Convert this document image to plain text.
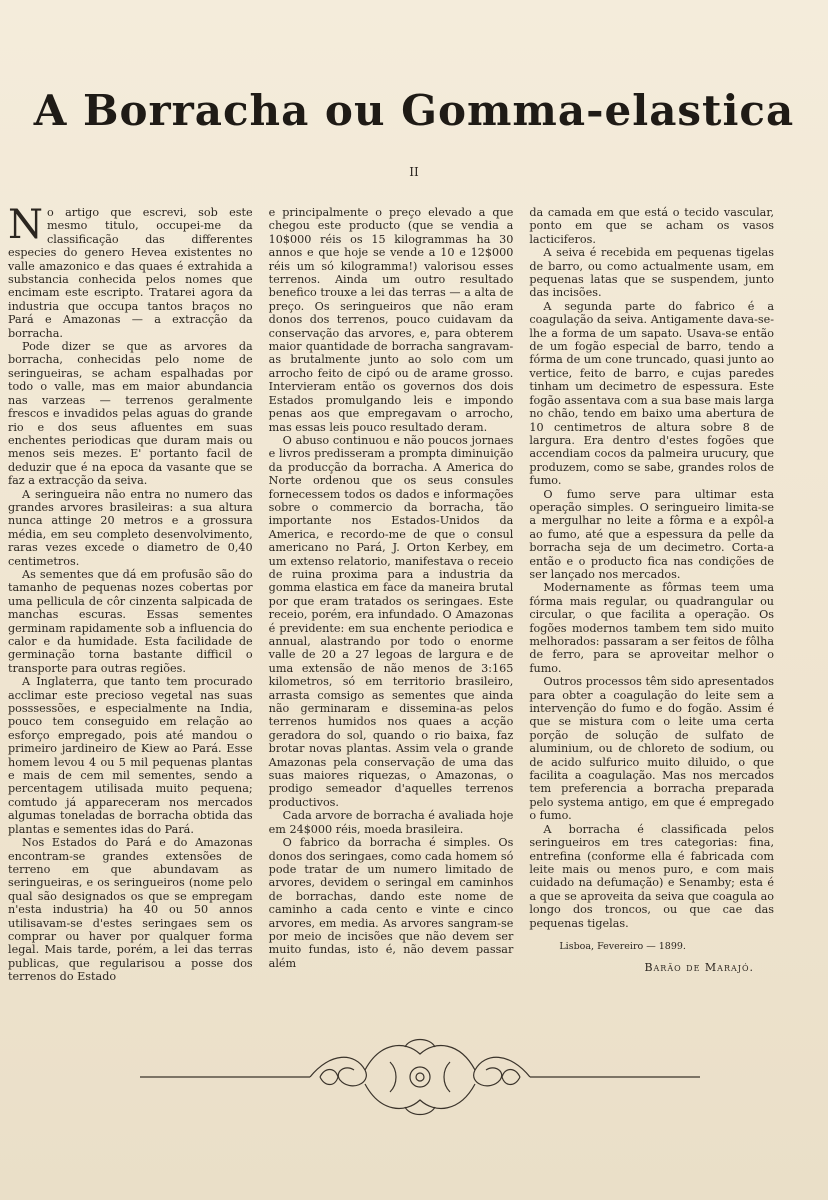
A Borracha ou Gomma-elastica
II

No artigo que escrevi, sob este mesmo titulo, occupei-me da classificação das differentes especies do genero Hevea existentes no valle amazonico e das quaes é extrahida a substancia conhecida pelos nomes que encimam este escripto. Tratarei agora da industria que occupa tantos braços no Pará e Amazonas — a extracção da borracha.

Pode dizer se que as arvores da borracha, conhecidas pelo nome de seringueiras, se acham espalhadas por todo o valle, mas em maior abundancia nas varzeas — terrenos geralmente frescos e invadidos pelas aguas do grande rio e dos seus afluentes em suas enchentes periodicas que duram mais ou menos seis mezes. E' portanto facil de deduzir que é na epoca da vasante que se faz a extracção da seiva.

A seringueira não entra no numero das grandes arvores brasileiras: a sua altura nunca attinge 20 metros e a grossura média, em seu completo desenvolvimento, raras vezes excede o diametro de 0,40 centimetros.

As sementes que dá em profusão são do tamanho de pequenas nozes cobertas por uma pellicula de côr cinzenta salpicada de manchas escuras. Essas sementes germinam rapidamente sob a influencia do calor e da humidade. Esta facilidade de germinação torna bastante difficil o transporte para outras regiões.

A Inglaterra, que tanto tem procurado acclimar este precioso vegetal nas suas posssessões, e especialmente na India, pouco tem conseguido em relação ao esforço empregado, pois até mandou o primeiro jardineiro de Kiew ao Pará. Esse homem levou 4 ou 5 mil pequenas plantas e mais de cem mil sementes, sendo a percentagem utilisada muito pequena; comtudo já appareceram nos mercados algumas toneladas de borracha obtida das plantas e sementes idas do Pará.

Nos Estados do Pará e do Amazonas encontram-se grandes extensões de terreno em que abundavam as seringueiras, e os seringueiros (nome pelo qual são designados os que se empregam n'esta industria) ha 40 ou 50 annos utilisavam-se d'estes seringaes sem os comprar ou haver por qualquer forma legal. Mais tarde, porém, a lei das terras publicas, que regularisou a posse dos terrenos do Estado

e principalmente o preço elevado a que chegou este producto (que se vendia a 10$000 réis os 15 kilogrammas ha 30 annos e que hoje se vende a 10 e 12$000 réis um só kilogramma!) valorisou esses terrenos. Ainda um outro resultado benefico trouxe a lei das terras — a alta de preço. Os seringueiros que não eram donos dos terrenos, pouco cuidavam da conservação das arvores, e, para obterem maior quantidade de borracha sangravam-as brutalmente junto ao solo com um arrocho feito de cipó ou de arame grosso. Intervieram então os governos dos dois Estados promulgando leis e impondo penas aos que empregavam o arrocho, mas essas leis pouco resultado deram.

O abuso continuou e não poucos jornaes e livros predisseram a prompta diminuição da producção da borracha. A America do Norte ordenou que os seus consules fornecessem todos os dados e informações sobre o commercio da borracha, tão importante nos Estados-Unidos da America, e recordo-me de que o consul americano no Pará, J. Orton Kerbey, em um extenso relatorio, manifestava o receio de ruina proxima para a industria da gomma elastica em face da maneira brutal por que eram tratados os seringaes. Este receio, porém, era infundado. O Amazonas é previdente: em sua enchente periodica e annual, alastrando por todo o enorme valle de 20 a 27 legoas de largura e de uma extensão de não menos de 3:165 kilometros, só em territorio brasileiro, arrasta comsigo as sementes que ainda não germinaram e dissemina-as pelos terrenos humidos nos quaes a acção geradora do sol, quando o rio baixa, faz brotar novas plantas. Assim vela o grande Amazonas pela conservação de uma das suas maiores riquezas, o Amazonas, o prodigo semeador d'aquelles terrenos productivos.

Cada arvore de borracha é avaliada hoje em 24$000 réis, moeda brasileira.

O fabrico da borracha é simples. Os donos dos seringaes, como cada homem só pode tratar de um numero limitado de arvores, devidem o seringal em caminhos de borrachas, dando este nome de caminho a cada cento e vinte e cinco arvores, em media. As arvores sangram-se por meio de incisões que não devem ser muito fundas, isto é, não devem passar além

da camada em que está o tecido vascular, ponto em que se acham os vasos lacticiferos.

A seiva é recebida em pequenas tigelas de barro, ou como actualmente usam, em pequenas latas que se suspendem, junto das incisões.

A segunda parte do fabrico é a coagulação da seiva. Antigamente dava-se-lhe a forma de um sapato. Usava-se então de um fogão especial de barro, tendo a fórma de um cone truncado, quasi junto ao vertice, feito de barro, e cujas paredes tinham um decimetro de espessura. Este fogão assentava com a sua base mais larga no chão, tendo em baixo uma abertura de 10 centimetros de altura sobre 8 de largura. Era dentro d'estes fogões que accendiam cocos da palmeira urucury, que produzem, como se sabe, grandes rolos de fumo.

O fumo serve para ultimar esta operação simples. O seringueiro limita-se a mergulhar no leite a fôrma e a expôl-a ao fumo, até que a espessura da pelle da borracha seja de um decimetro. Corta-a então e o producto fica nas condições de ser lançado nos mercados.

Modernamente as fôrmas teem uma fórma mais regular, ou quadrangular ou circular, o que facilita a operação. Os fogões modernos tambem tem sido muito melhorados: passaram a ser feitos de fôlha de ferro, para se aproveitar melhor o fumo.

Outros processos têm sido apresentados para obter a coagulação do leite sem a intervenção do fumo e do fogão. Assim é que se mistura com o leite uma certa porção de solução de sulfato de aluminium, ou de chloreto de sodium, ou de acido sulfurico muito diluido, o que facilita a coagulação. Mas nos mercados tem preferencia a borracha preparada pelo systema antigo, em que é empregado o fumo.

A borracha é classificada pelos seringueiros em tres categorias: fina, entrefina (conforme ella é fabricada com leite mais ou menos puro, e com mais cuidado na defumação) e Senamby; esta é a que se aproveita da seiva que coagula ao longo dos troncos, ou que cae das pequenas tigelas.

Lisboa, Fevereiro — 1899.
Barão de Marajó.
